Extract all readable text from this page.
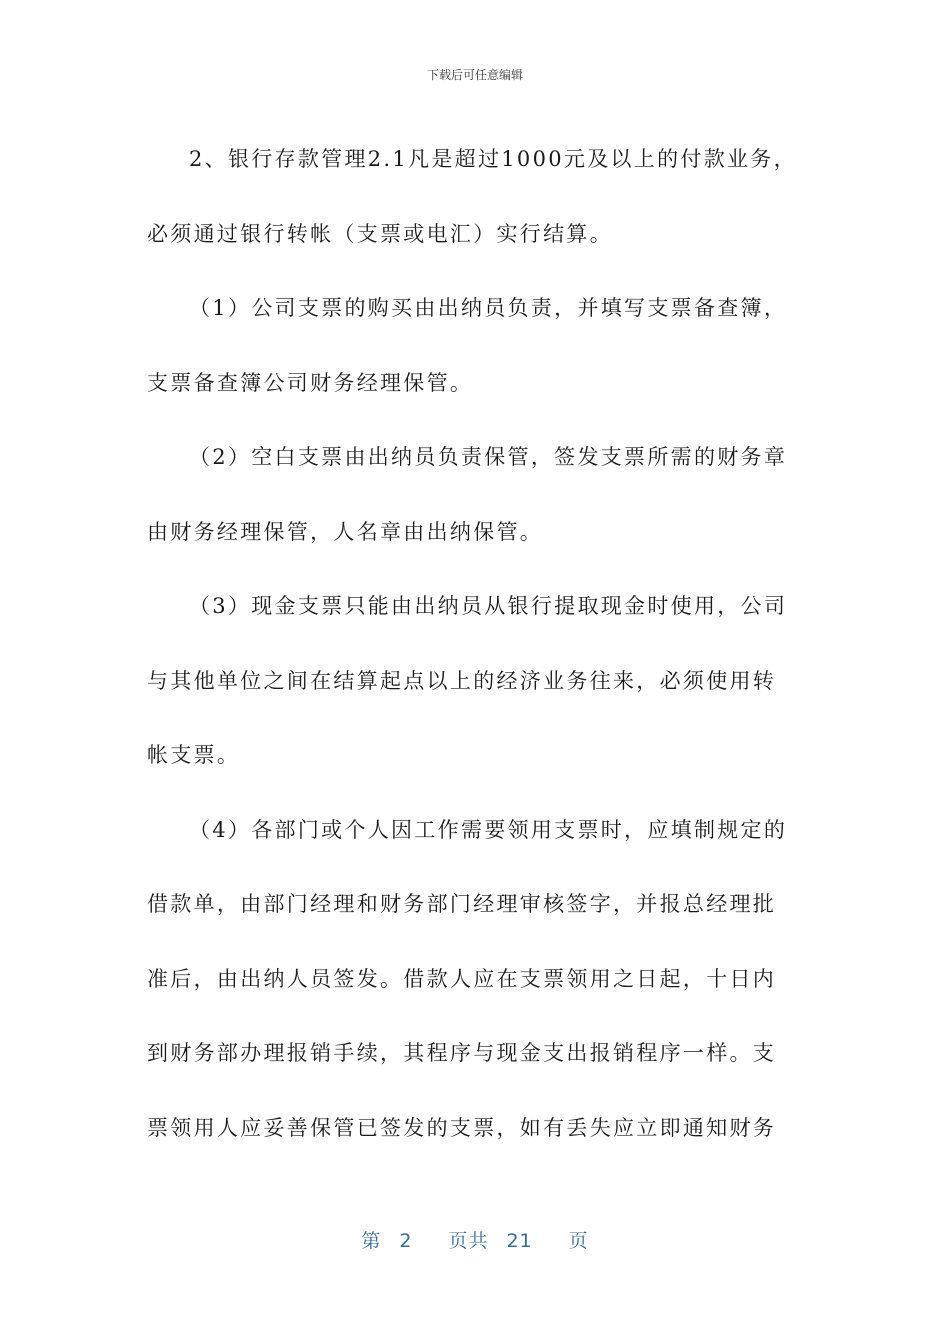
下载后可任意编辑
2、银行存款管理2.1凡是超过1000元及以上的付款业务，
必须通过银行转帐（支票或电汇）实行结算。
（1）公司支票的购买由出纳员负责，并填写支票备查簿，
支票备查簿公司财务经理保管。
（2）空白支票由出纳员负责保管，签发支票所需的财务章
由财务经理保管，人名章由出纳保管。
（3）现金支票只能由出纳员从银行提取现金时使用，公司
与其他单位之间在结算起点以上的经济业务往来，必须使用转
帐支票。
（4）各部门或个人因工作需要领用支票时，应填制规定的
借款单，由部门经理和财务部门经理审核签字，并报总经理批
准后，由出纳人员签发。借款人应在支票领用之日起，十日内
到财务部办理报销手续，其程序与现金支出报销程序一样。支
票领用人应妥善保管已签发的支票，如有丢失应立即通知财务
第 2 页共 21 页
